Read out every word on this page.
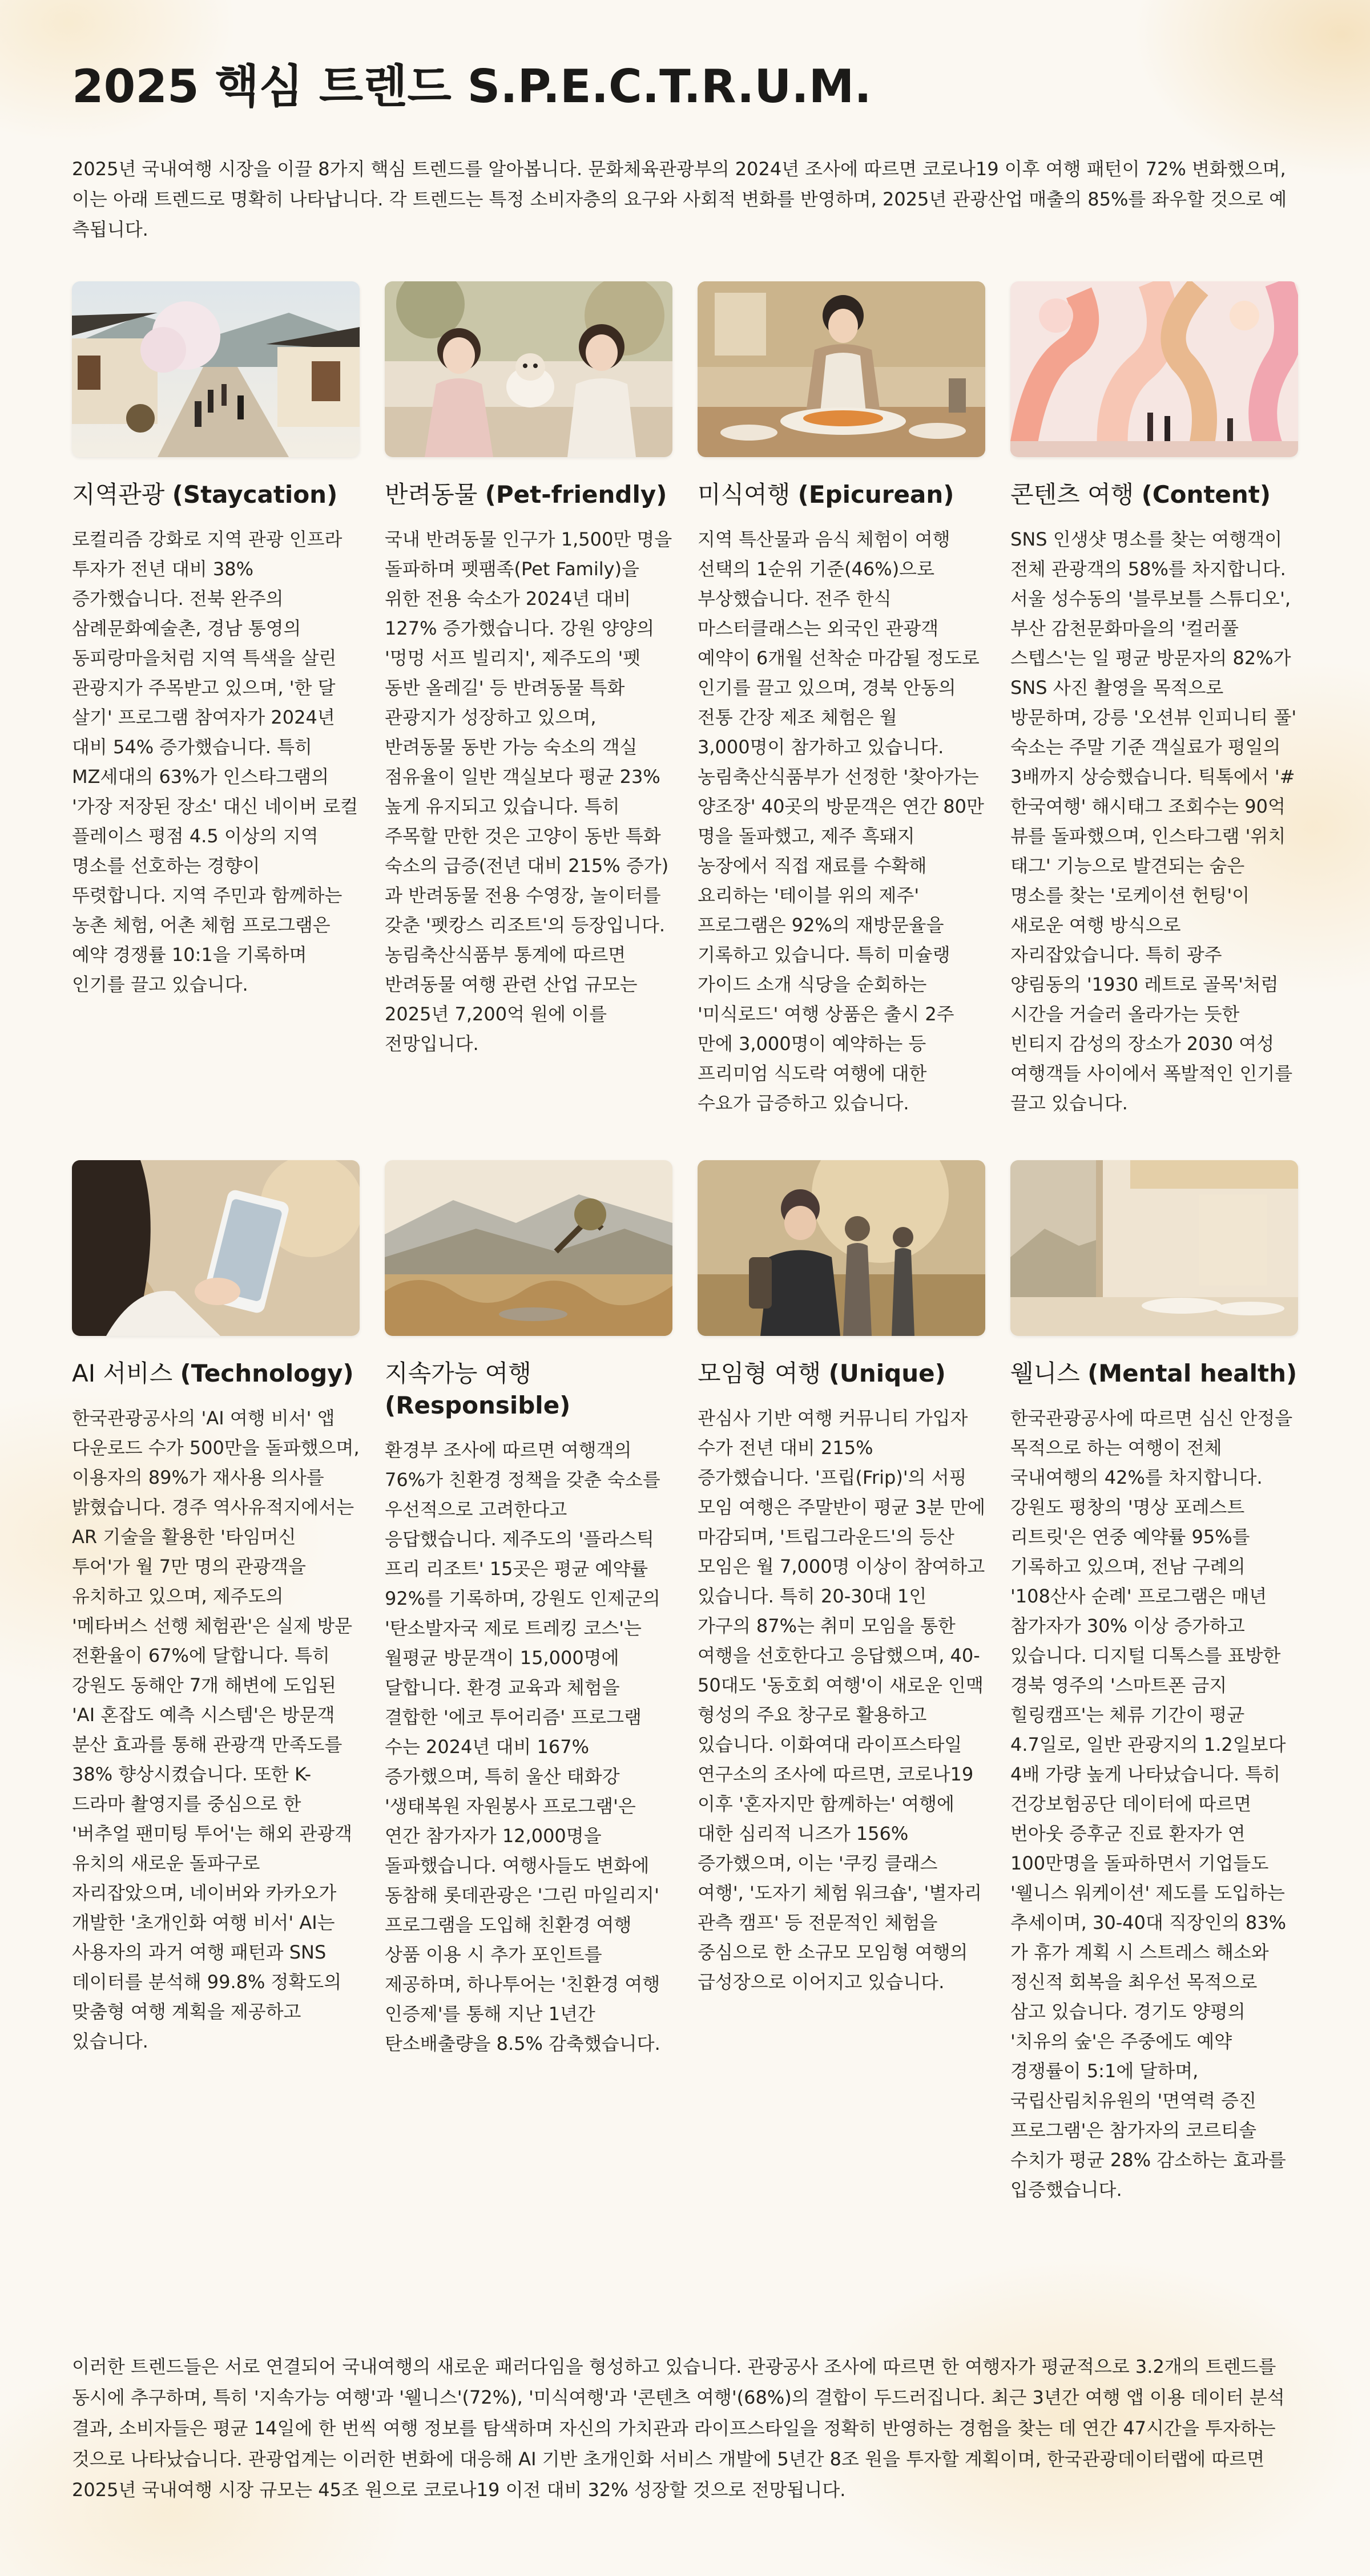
2025 핵심 트렌드 S.P.E.C.T.R.U.M.

2025년 국내여행 시장을 이끌 8가지 핵심 트렌드를 알아봅니다. 문화체육관광부의 2024년 조사에 따르면 코로나19 이후 여행 패턴이 72% 변화했으며, 이는 아래 트렌드로 명확히 나타납니다. 각 트렌드는 특정 소비자층의 요구와 사회적 변화를 반영하며, 2025년 관광산업 매출의 85%를 좌우할 것으로 예측됩니다.

지역관광 (Staycation)

로컬리즘 강화로 지역 관광 인프라 투자가 전년 대비 38% 증가했습니다. 전북 완주의 삼례문화예술촌, 경남 통영의 동피랑마을처럼 지역 특색을 살린 관광지가 주목받고 있으며, '한 달 살기' 프로그램 참여자가 2024년 대비 54% 증가했습니다. 특히 MZ세대의 63%가 인스타그램의 '가장 저장된 장소' 대신 네이버 로컬 플레이스 평점 4.5 이상의 지역 명소를 선호하는 경향이 뚜렷합니다. 지역 주민과 함께하는 농촌 체험, 어촌 체험 프로그램은 예약 경쟁률 10:1을 기록하며 인기를 끌고 있습니다.

반려동물 (Pet-friendly)

국내 반려동물 인구가 1,500만 명을 돌파하며 펫팸족(Pet Family)을 위한 전용 숙소가 2024년 대비 127% 증가했습니다. 강원 양양의 '멍멍 서프 빌리지', 제주도의 '펫 동반 올레길' 등 반려동물 특화 관광지가 성장하고 있으며, 반려동물 동반 가능 숙소의 객실 점유율이 일반 객실보다 평균 23% 높게 유지되고 있습니다. 특히 주목할 만한 것은 고양이 동반 특화 숙소의 급증(전년 대비 215% 증가)과 반려동물 전용 수영장, 놀이터를 갖춘 '펫캉스 리조트'의 등장입니다. 농림축산식품부 통계에 따르면 반려동물 여행 관련 산업 규모는 2025년 7,200억 원에 이를 전망입니다.

미식여행 (Epicurean)

지역 특산물과 음식 체험이 여행 선택의 1순위 기준(46%)으로 부상했습니다. 전주 한식 마스터클래스는 외국인 관광객 예약이 6개월 선착순 마감될 정도로 인기를 끌고 있으며, 경북 안동의 전통 간장 제조 체험은 월 3,000명이 참가하고 있습니다. 농림축산식품부가 선정한 '찾아가는 양조장' 40곳의 방문객은 연간 80만 명을 돌파했고, 제주 흑돼지 농장에서 직접 재료를 수확해 요리하는 '테이블 위의 제주' 프로그램은 92%의 재방문율을 기록하고 있습니다. 특히 미슐랭 가이드 소개 식당을 순회하는 '미식로드' 여행 상품은 출시 2주 만에 3,000명이 예약하는 등 프리미엄 식도락 여행에 대한 수요가 급증하고 있습니다.

콘텐츠 여행 (Content)

SNS 인생샷 명소를 찾는 여행객이 전체 관광객의 58%를 차지합니다. 서울 성수동의 '블루보틀 스튜디오', 부산 감천문화마을의 '컬러풀 스텝스'는 일 평균 방문자의 82%가 SNS 사진 촬영을 목적으로 방문하며, 강릉 '오션뷰 인피니티 풀' 숙소는 주말 기준 객실료가 평일의 3배까지 상승했습니다. 틱톡에서 '#한국여행' 해시태그 조회수는 90억 뷰를 돌파했으며, 인스타그램 '위치 태그' 기능으로 발견되는 숨은 명소를 찾는 '로케이션 헌팅'이 새로운 여행 방식으로 자리잡았습니다. 특히 광주 양림동의 '1930 레트로 골목'처럼 시간을 거슬러 올라가는 듯한 빈티지 감성의 장소가 2030 여성 여행객들 사이에서 폭발적인 인기를 끌고 있습니다.

AI 서비스 (Technology)

한국관광공사의 'AI 여행 비서' 앱 다운로드 수가 500만을 돌파했으며, 이용자의 89%가 재사용 의사를 밝혔습니다. 경주 역사유적지에서는 AR 기술을 활용한 '타임머신 투어'가 월 7만 명의 관광객을 유치하고 있으며, 제주도의 '메타버스 선행 체험관'은 실제 방문 전환율이 67%에 달합니다. 특히 강원도 동해안 7개 해변에 도입된 'AI 혼잡도 예측 시스템'은 방문객 분산 효과를 통해 관광객 만족도를 38% 향상시켰습니다. 또한 K-드라마 촬영지를 중심으로 한 '버추얼 팬미팅 투어'는 해외 관광객 유치의 새로운 돌파구로 자리잡았으며, 네이버와 카카오가 개발한 '초개인화 여행 비서' AI는 사용자의 과거 여행 패턴과 SNS 데이터를 분석해 99.8% 정확도의 맞춤형 여행 계획을 제공하고 있습니다.

지속가능 여행 (Responsible)

환경부 조사에 따르면 여행객의 76%가 친환경 정책을 갖춘 숙소를 우선적으로 고려한다고 응답했습니다. 제주도의 '플라스틱 프리 리조트' 15곳은 평균 예약률 92%를 기록하며, 강원도 인제군의 '탄소발자국 제로 트레킹 코스'는 월평균 방문객이 15,000명에 달합니다. 환경 교육과 체험을 결합한 '에코 투어리즘' 프로그램 수는 2024년 대비 167% 증가했으며, 특히 울산 태화강 '생태복원 자원봉사 프로그램'은 연간 참가자가 12,000명을 돌파했습니다. 여행사들도 변화에 동참해 롯데관광은 '그린 마일리지' 프로그램을 도입해 친환경 여행 상품 이용 시 추가 포인트를 제공하며, 하나투어는 '친환경 여행 인증제'를 통해 지난 1년간 탄소배출량을 8.5% 감축했습니다.

모임형 여행 (Unique)

관심사 기반 여행 커뮤니티 가입자 수가 전년 대비 215% 증가했습니다. '프립(Frip)'의 서핑 모임 여행은 주말반이 평균 3분 만에 마감되며, '트립그라운드'의 등산 모임은 월 7,000명 이상이 참여하고 있습니다. 특히 20-30대 1인 가구의 87%는 취미 모임을 통한 여행을 선호한다고 응답했으며, 40-50대도 '동호회 여행'이 새로운 인맥 형성의 주요 창구로 활용하고 있습니다. 이화여대 라이프스타일 연구소의 조사에 따르면, 코로나19 이후 '혼자지만 함께하는' 여행에 대한 심리적 니즈가 156% 증가했으며, 이는 '쿠킹 클래스 여행', '도자기 체험 워크숍', '별자리 관측 캠프' 등 전문적인 체험을 중심으로 한 소규모 모임형 여행의 급성장으로 이어지고 있습니다.

웰니스 (Mental health)

한국관광공사에 따르면 심신 안정을 목적으로 하는 여행이 전체 국내여행의 42%를 차지합니다. 강원도 평창의 '명상 포레스트 리트릿'은 연중 예약률 95%를 기록하고 있으며, 전남 구례의 '108산사 순례' 프로그램은 매년 참가자가 30% 이상 증가하고 있습니다. 디지털 디톡스를 표방한 경북 영주의 '스마트폰 금지 힐링캠프'는 체류 기간이 평균 4.7일로, 일반 관광지의 1.2일보다 4배 가량 높게 나타났습니다. 특히 건강보험공단 데이터에 따르면 번아웃 증후군 진료 환자가 연 100만명을 돌파하면서 기업들도 '웰니스 워케이션' 제도를 도입하는 추세이며, 30-40대 직장인의 83%가 휴가 계획 시 스트레스 해소와 정신적 회복을 최우선 목적으로 삼고 있습니다. 경기도 양평의 '치유의 숲'은 주중에도 예약 경쟁률이 5:1에 달하며, 국립산림치유원의 '면역력 증진 프로그램'은 참가자의 코르티솔 수치가 평균 28% 감소하는 효과를 입증했습니다.

이러한 트렌드들은 서로 연결되어 국내여행의 새로운 패러다임을 형성하고 있습니다. 관광공사 조사에 따르면 한 여행자가 평균적으로 3.2개의 트렌드를 동시에 추구하며, 특히 '지속가능 여행'과 '웰니스'(72%), '미식여행'과 '콘텐츠 여행'(68%)의 결합이 두드러집니다. 최근 3년간 여행 앱 이용 데이터 분석 결과, 소비자들은 평균 14일에 한 번씩 여행 정보를 탐색하며 자신의 가치관과 라이프스타일을 정확히 반영하는 경험을 찾는 데 연간 47시간을 투자하는 것으로 나타났습니다. 관광업계는 이러한 변화에 대응해 AI 기반 초개인화 서비스 개발에 5년간 8조 원을 투자할 계획이며, 한국관광데이터랩에 따르면 2025년 국내여행 시장 규모는 45조 원으로 코로나19 이전 대비 32% 성장할 것으로 전망됩니다.
